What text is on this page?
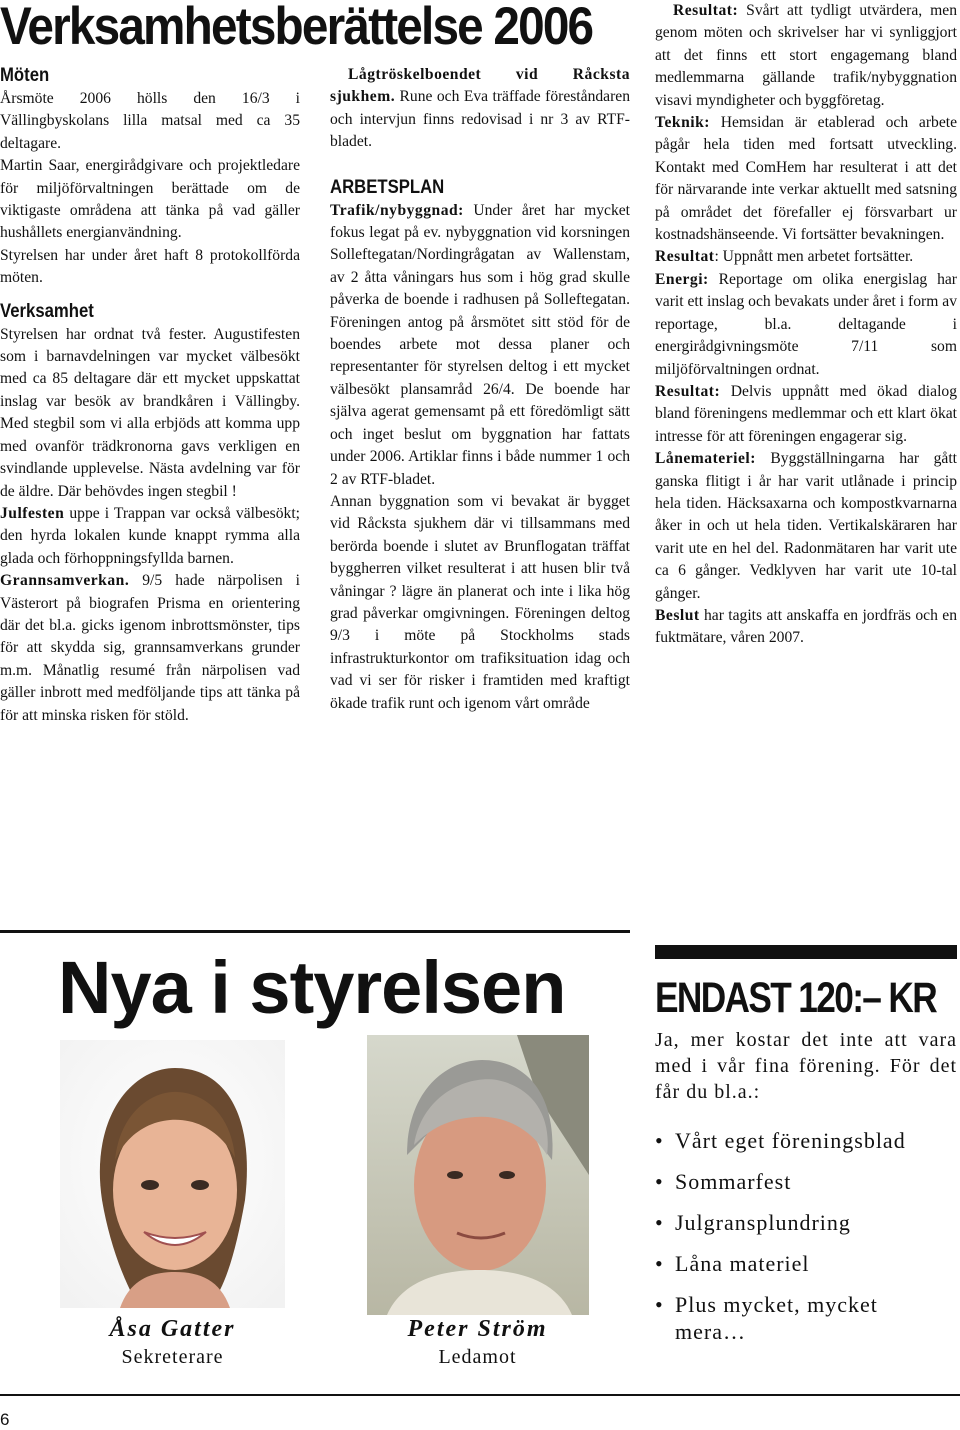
Verksamhetsberättelse 2006
Möten

Årsmöte 2006 hölls den 16/3 i Vällingbyskolans lilla matsal med ca 35 deltagare.

Martin Saar, energirådgivare och projektledare för miljöförvaltningen berättade om de viktigaste områdena att tänka på vad gäller hushållets energianvändning.

Styrelsen har under året haft 8 protokollförda möten.

Verksamhet

Styrelsen har ordnat två fester. Augustifesten som i barnavdelningen var mycket välbesökt med ca 85 deltagare där ett mycket uppskattat inslag var besök av brandkåren i Vällingby. Med stegbil som vi alla erbjöds att komma upp med ovanför trädkronorna gavs verkligen en svindlande upplevelse. Nästa avdelning var för de äldre. Där behövdes ingen stegbil !

Julfesten uppe i Trappan var också välbesökt; den hyrda lokalen kunde knappt rymma alla glada och förhoppningsfyllda barnen.

Grannsamverkan. 9/5 hade närpolisen i Västerort på biografen Prisma en orientering där det bl.a. gicks igenom inbrottsmönster, tips för att skydda sig, grannsamverkans grunder m.m. Månatlig resumé från närpolisen vad gäller inbrott med medföljande tips att tänka på för att minska risken för stöld.

Lågtröskelboendet vid Råcksta sjukhem. Rune och Eva träffade föreståndaren och intervjun finns redovisad i nr 3 av RTF-bladet.

ARBETSPLAN

Trafik/nybyggnad: Under året har mycket fokus legat på ev. nybyggnation vid korsningen Solleftegatan/Nordingrågatan av Wallenstam, av 2 åtta våningars hus som i hög grad skulle påverka de boende i radhusen på Solleftegatan. Föreningen antog på årsmötet sitt stöd för de boendes arbete mot dessa planer och representanter för styrelsen deltog i ett mycket välbesökt plansamråd 26/4. De boende har själva agerat gemensamt på ett föredömligt sätt och inget beslut om byggnation har fattats under 2006. Artiklar finns i både nummer 1 och 2 av RTF-bladet.

Annan byggnation som vi bevakat är bygget vid Råcksta sjukhem där vi tillsammans med berörda boende i slutet av Brunflogatan träffat byggherren vilket resulterat i att husen blir två våningar ? lägre än planerat och inte i lika hög grad påverkar omgivningen. Föreningen deltog 9/3 i möte på Stockholms stads infrastrukturkontor om trafiksituation idag och vad vi ser för risker i framtiden med kraftigt ökade trafik runt och igenom vårt område

Resultat: Svårt att tydligt utvärdera, men genom möten och skrivelser har vi synliggjort att det finns ett stort engagemang bland medlemmarna gällande trafik/nybyggnation visavi myndigheter och byggföretag.

Teknik: Hemsidan är etablerad och arbete pågår hela tiden med fortsatt utveckling. Kontakt med ComHem har resulterat i att det för närvarande inte verkar aktuellt med satsning på området det förefaller ej försvarbart ur kostnadshänseende. Vi fortsätter bevakningen.

Resultat: Uppnått men arbetet fortsätter.

Energi: Reportage om olika energislag har varit ett inslag och bevakats under året i form av reportage, bl.a. deltagande i energirådgivningsmöte 7/11 som miljöförvaltningen ordnat.

Resultat: Delvis uppnått med ökad dialog bland föreningens medlemmar och ett klart ökat intresse för att föreningen engagerar sig.

Lånemateriel: Byggställningarna har gått ganska flitigt i år har varit utlånade i princip hela tiden. Häcksaxarna och kompostkvarnarna åker in och ut hela tiden. Vertikalskäraren har varit ute en hel del. Radonmätaren har varit ute ca 6 gånger. Vedklyven har varit ute 10-tal gånger.

Beslut har tagits att anskaffa en jordfräs och en fuktmätare, våren 2007.

Nya i styrelsen
Åsa Gatter
Sekreterare
Peter Ström
Ledamot
ENDAST 120:– KR

Ja, mer kostar det inte att vara med i vår fina förening. För det får du bl.a.:

• Vårt eget föreningsblad
• Sommarfest
• Julgransplundring
• Låna materiel
• Plus mycket, mycket mera…
6
